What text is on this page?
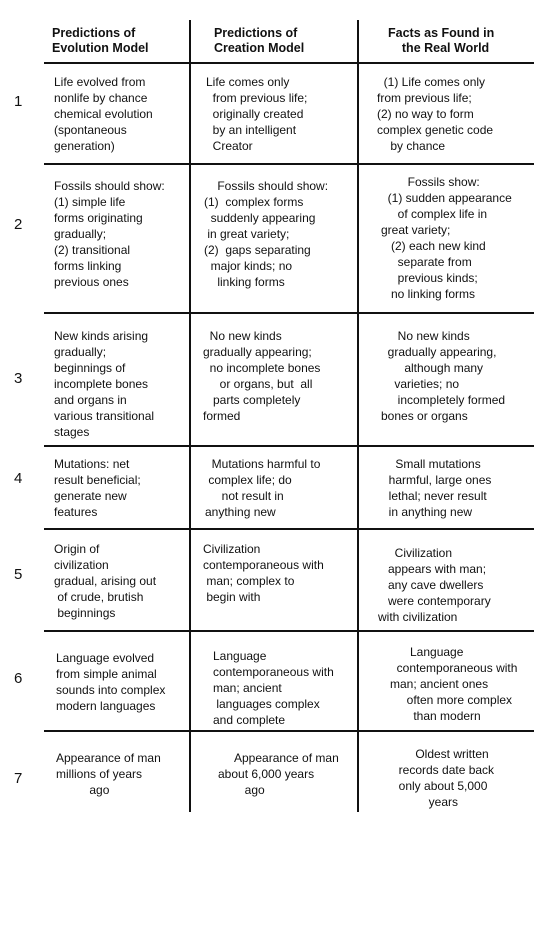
Predictions of
Evolution Model
Predictions of
Creation Model
Facts as Found in
the Real World
1
Life evolved from
nonlife by chance
chemical evolution
(spontaneous
generation)
Life comes only
from previous life;
originally created
by an intelligent
Creator
(1) Life comes only
from previous life;
(2) no way to form
complex genetic code
by chance
2
Fossils should show:
(1) simple life
forms originating
gradually;
(2) transitional
forms linking
previous ones
Fossils should show:
(1)  complex forms
suddenly appearing
in great variety;
(2)  gaps separating
major kinds; no
linking forms
Fossils show:
(1) sudden appearance
of complex life in
great variety;
(2) each new kind
separate from
previous kinds;
no linking forms
3
New kinds arising
gradually;
beginnings of
incomplete bones
and organs in
various transitional
stages
No new kinds
gradually appearing;
no incomplete bones
or organs, but  all
parts completely
formed
No new kinds
gradually appearing,
although many
varieties; no
incompletely formed
bones or organs
4
Mutations: net
result beneficial;
generate new
features
Mutations harmful to
complex life; do
not result in
anything new
Small mutations
harmful, large ones
lethal; never result
in anything new
5
Origin of
civilization
gradual, arising out
of crude, brutish
beginnings
Civilization
contemporaneous with
man; complex to
begin with
Civilization
appears with man;
any cave dwellers
were contemporary
with civilization
6
Language evolved
from simple animal
sounds into complex
modern languages
Language
contemporaneous with
man; ancient
languages complex
and complete
Language
contemporaneous with
man; ancient ones
often more complex
than modern
7
Appearance of man
millions of years
ago
Appearance of man
about 6,000 years
ago
Oldest written
records date back
only about 5,000
years
